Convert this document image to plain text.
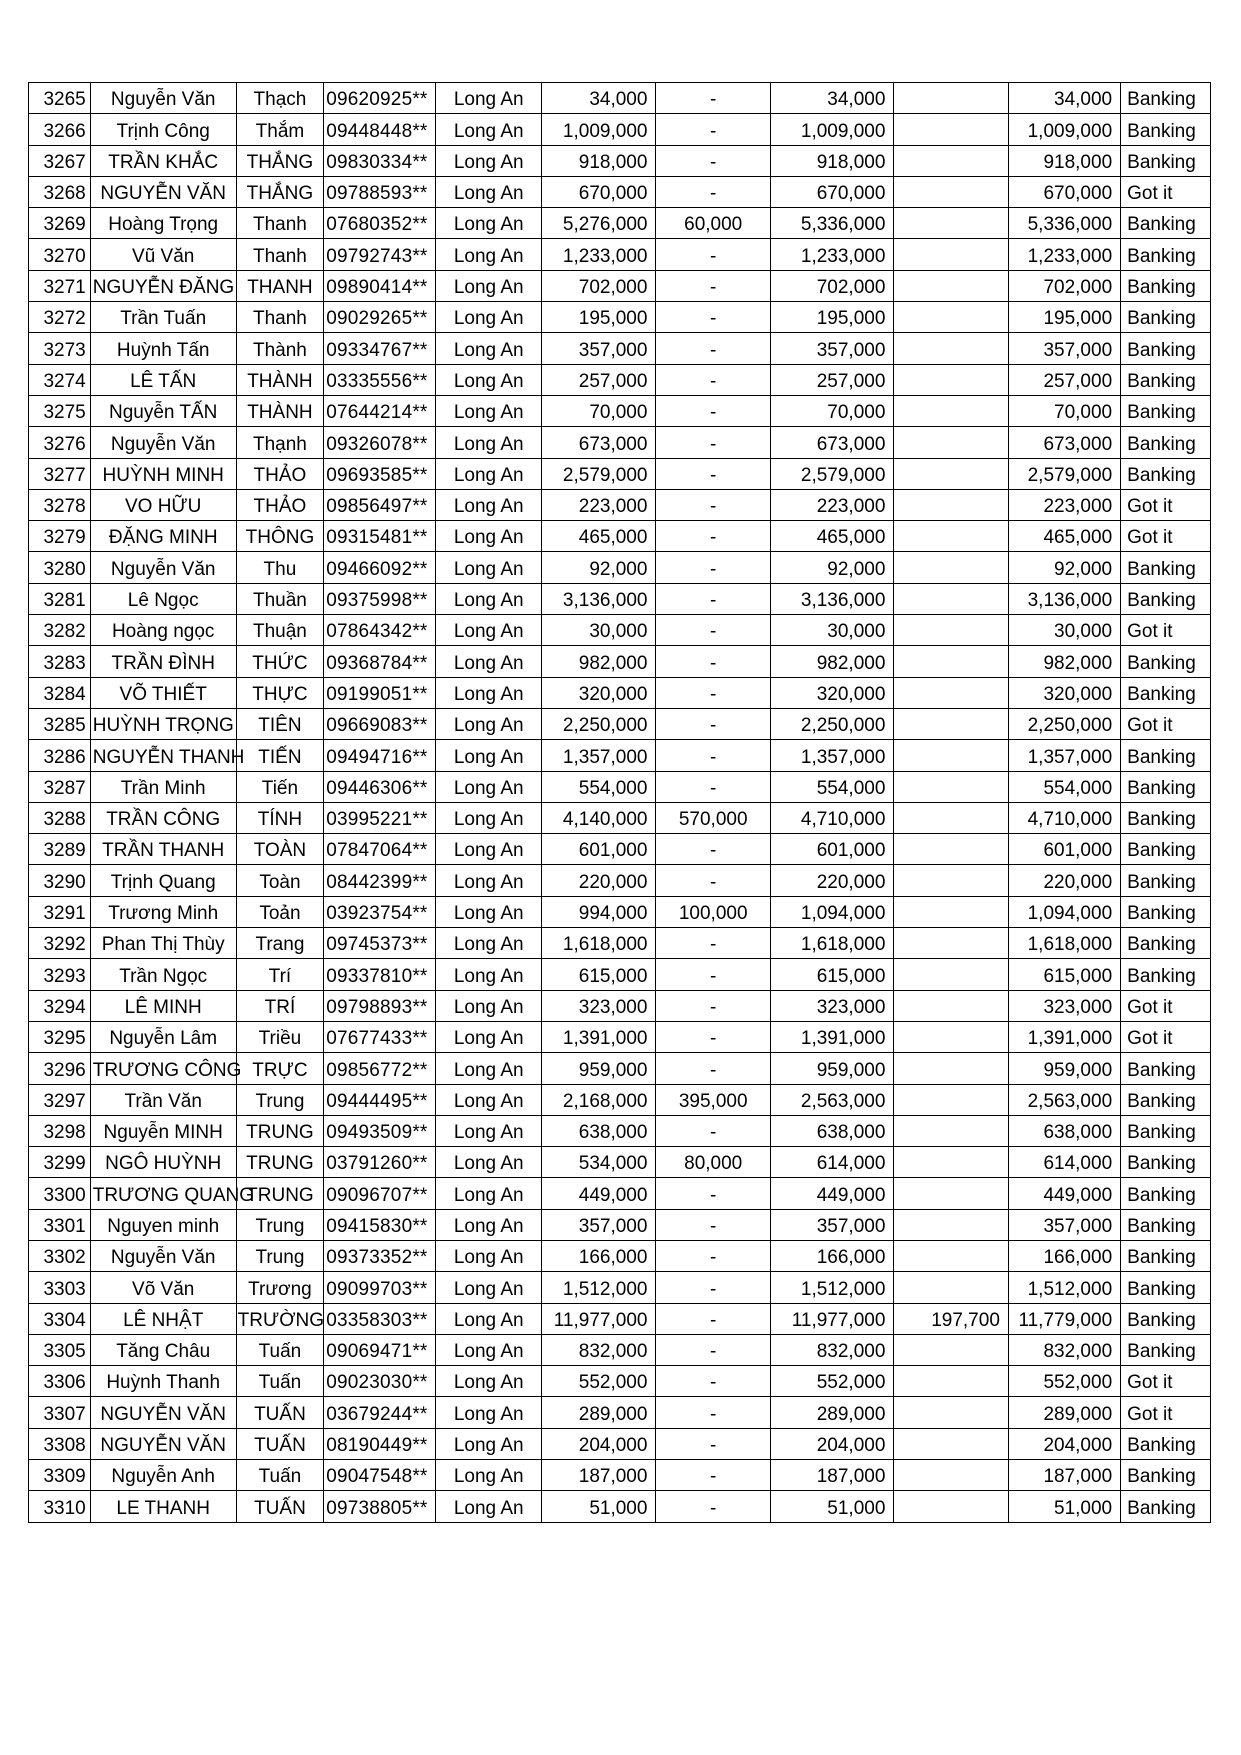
3265	Nguyễn Văn	Thạch	09620925**	Long An	34,000	-	34,000		34,000	Banking
3266	Trịnh Công	Thắm	09448448**	Long An	1,009,000	-	1,009,000		1,009,000	Banking
3267	TRẦN KHẮC	THẮNG	09830334**	Long An	918,000	-	918,000		918,000	Banking
3268	NGUYỄN VĂN	THẮNG	09788593**	Long An	670,000	-	670,000		670,000	Got it
3269	Hoàng Trọng	Thanh	07680352**	Long An	5,276,000	60,000	5,336,000		5,336,000	Banking
3270	Vũ Văn	Thanh	09792743**	Long An	1,233,000	-	1,233,000		1,233,000	Banking
3271	NGUYỄN ĐĂNG	THANH	09890414**	Long An	702,000	-	702,000		702,000	Banking
3272	Trần Tuấn	Thanh	09029265**	Long An	195,000	-	195,000		195,000	Banking
3273	Huỳnh Tấn	Thành	09334767**	Long An	357,000	-	357,000		357,000	Banking
3274	LÊ TẤN	THÀNH	03335556**	Long An	257,000	-	257,000		257,000	Banking
3275	Nguyễn TẤN	THÀNH	07644214**	Long An	70,000	-	70,000		70,000	Banking
3276	Nguyễn Văn	Thạnh	09326078**	Long An	673,000	-	673,000		673,000	Banking
3277	HUỲNH MINH	THẢO	09693585**	Long An	2,579,000	-	2,579,000		2,579,000	Banking
3278	VO HỮU	THẢO	09856497**	Long An	223,000	-	223,000		223,000	Got it
3279	ĐẶNG MINH	THÔNG	09315481**	Long An	465,000	-	465,000		465,000	Got it
3280	Nguyễn Văn	Thu	09466092**	Long An	92,000	-	92,000		92,000	Banking
3281	Lê Ngọc	Thuần	09375998**	Long An	3,136,000	-	3,136,000		3,136,000	Banking
3282	Hoàng ngọc	Thuận	07864342**	Long An	30,000	-	30,000		30,000	Got it
3283	TRẦN ĐÌNH	THỨC	09368784**	Long An	982,000	-	982,000		982,000	Banking
3284	VÕ THIẾT	THỰC	09199051**	Long An	320,000	-	320,000		320,000	Banking
3285	HUỲNH TRỌNG	TIÊN	09669083**	Long An	2,250,000	-	2,250,000		2,250,000	Got it
3286	NGUYỄN THANH	TIẾN	09494716**	Long An	1,357,000	-	1,357,000		1,357,000	Banking
3287	Trần Minh	Tiến	09446306**	Long An	554,000	-	554,000		554,000	Banking
3288	TRẦN CÔNG	TÍNH	03995221**	Long An	4,140,000	570,000	4,710,000		4,710,000	Banking
3289	TRẦN THANH	TOÀN	07847064**	Long An	601,000	-	601,000		601,000	Banking
3290	Trịnh Quang	Toàn	08442399**	Long An	220,000	-	220,000		220,000	Banking
3291	Trương Minh	Toản	03923754**	Long An	994,000	100,000	1,094,000		1,094,000	Banking
3292	Phan Thị Thùy	Trang	09745373**	Long An	1,618,000	-	1,618,000		1,618,000	Banking
3293	Trần Ngọc	Trí	09337810**	Long An	615,000	-	615,000		615,000	Banking
3294	LÊ MINH	TRÍ	09798893**	Long An	323,000	-	323,000		323,000	Got it
3295	Nguyễn Lâm	Triều	07677433**	Long An	1,391,000	-	1,391,000		1,391,000	Got it
3296	TRƯƠNG CÔNG	TRỰC	09856772**	Long An	959,000	-	959,000		959,000	Banking
3297	Trần Văn	Trung	09444495**	Long An	2,168,000	395,000	2,563,000		2,563,000	Banking
3298	Nguyễn MINH	TRUNG	09493509**	Long An	638,000	-	638,000		638,000	Banking
3299	NGÔ HUỲNH	TRUNG	03791260**	Long An	534,000	80,000	614,000		614,000	Banking
3300	TRƯƠNG QUANG	TRUNG	09096707**	Long An	449,000	-	449,000		449,000	Banking
3301	Nguyen minh	Trung	09415830**	Long An	357,000	-	357,000		357,000	Banking
3302	Nguyễn Văn	Trung	09373352**	Long An	166,000	-	166,000		166,000	Banking
3303	Võ Văn	Trương	09099703**	Long An	1,512,000	-	1,512,000		1,512,000	Banking
3304	LÊ NHẬT	TRƯỜNG	03358303**	Long An	11,977,000	-	11,977,000	197,700	11,779,000	Banking
3305	Tăng Châu	Tuấn	09069471**	Long An	832,000	-	832,000		832,000	Banking
3306	Huỳnh Thanh	Tuấn	09023030**	Long An	552,000	-	552,000		552,000	Got it
3307	NGUYỄN VĂN	TUẤN	03679244**	Long An	289,000	-	289,000		289,000	Got it
3308	NGUYỄN VĂN	TUẤN	08190449**	Long An	204,000	-	204,000		204,000	Banking
3309	Nguyễn Anh	Tuấn	09047548**	Long An	187,000	-	187,000		187,000	Banking
3310	LE THANH	TUẤN	09738805**	Long An	51,000	-	51,000		51,000	Banking
